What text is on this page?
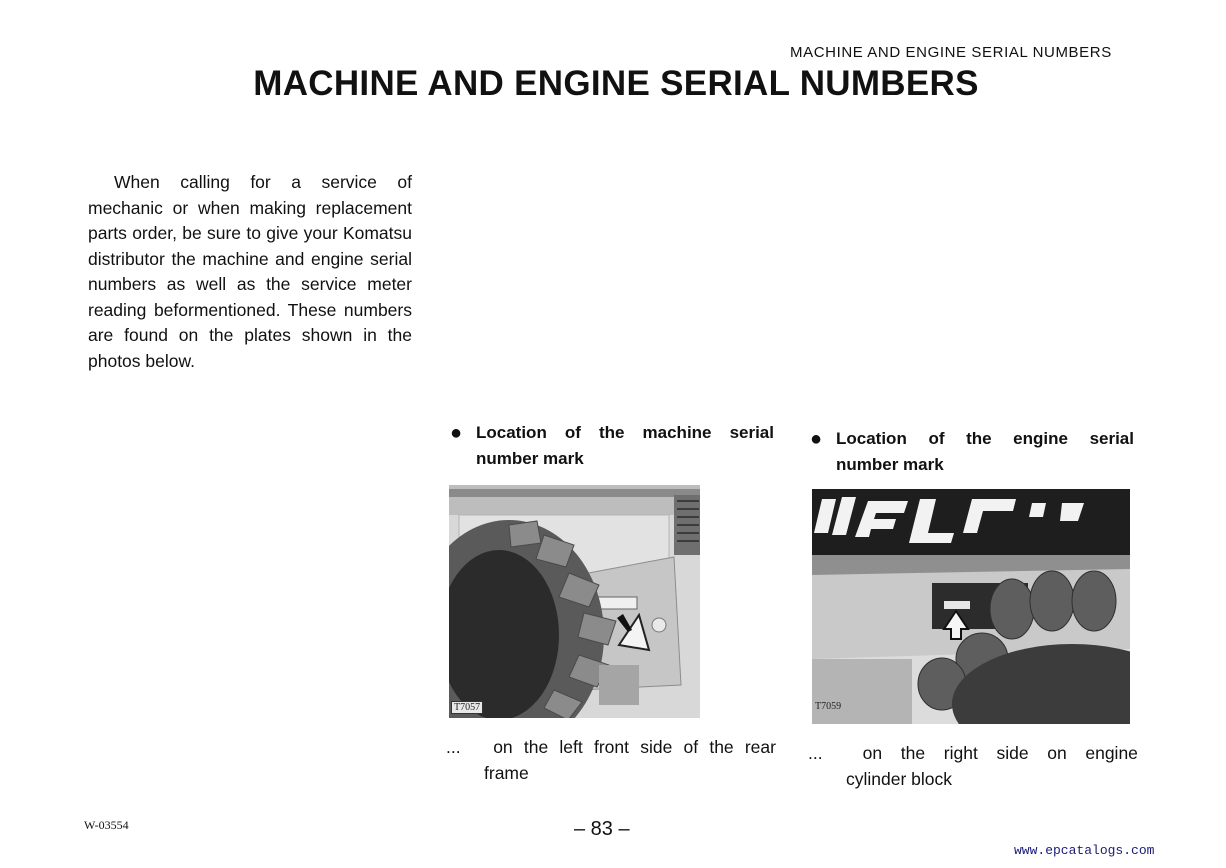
MACHINE AND ENGINE SERIAL NUMBERS
MACHINE AND ENGINE SERIAL NUMBERS

When calling for a service of mechanic or when making replacement parts order, be sure to give your Komatsu distributor the machine and engine serial numbers as well as the service meter reading beformentioned. These numbers are found on the plates shown in the photos below.

● Location of the machine serial
number mark
T7057
...	on the left front side of the rear
frame
● Location of the engine serial
number mark
T7059
...	on the right side on engine
cylinder block
W-03554	– 83 –
www.epcatalogs.com
